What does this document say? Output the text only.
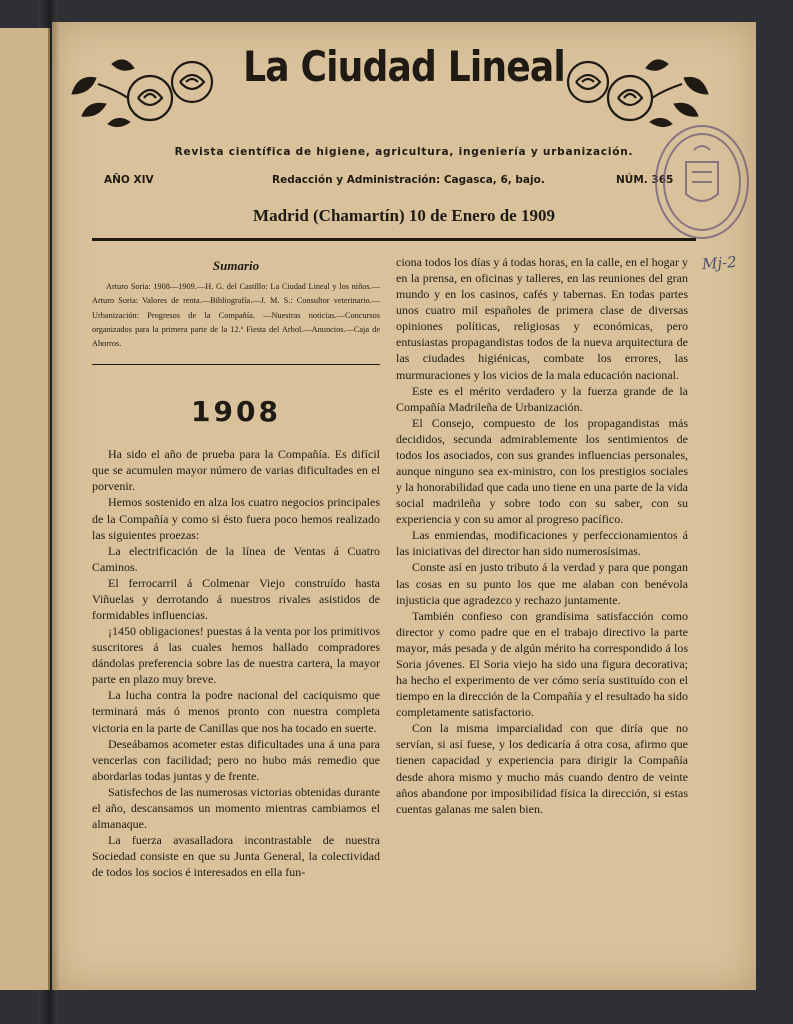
La Ciudad Lineal
Revista científica de higiene, agricultura, ingeniería y urbanización.
AÑO XIV	Redacción y Administración: Cagasca, 6, bajo.	NÚM. 365
Madrid (Chamartín) 10 de Enero de 1909
Mj-2
Sumario

Arturo Soria: 1908—1909.—H. G. del Castillo: La Ciudad Lineal y los niños.—Arturo Soria: Valores de renta.—Bibliografía.—J. M. S.: Consultor veterinario.—Urbanización: Progresos de la Compañía. —Nuestras noticias.—Concursos organizados para la primera parte de la 12.ª Fiesta del Arbol.—Anuncios.—Caja de Ahorros.

1908

Ha sido el año de prueba para la Compañía. Es difícil que se acumulen mayor número de varias dificultades en el porvenir.

Hemos sostenido en alza los cuatro negocios principales de la Compañía y como si ésto fuera poco hemos realizado las siguientes proezas:

La electrificación de la línea de Ventas á Cuatro Caminos.

El ferrocarril á Colmenar Viejo construído hasta Viñuelas y derrotando á nuestros rivales asistidos de formidables influencias.

¡1450 obligaciones! puestas á la venta por los primitivos suscritores á las cuales hemos hallado compradores dándolas preferencia sobre las de nuestra cartera, la mayor parte en plazo muy breve.

La lucha contra la podre nacional del caciquismo que terminará más ó menos pronto con nuestra completa victoria en la parte de Canillas que nos ha tocado en suerte.

Deseábamos acometer estas dificultades una á una para vencerlas con facilidad; pero no hubo más remedio que abordarlas todas juntas y de frente.

Satisfechos de las numerosas victorias obtenidas durante el año, descansamos un momento mientras cambiamos el almanaque.

La fuerza avasalladora incontrastable de nuestra Sociedad consiste en que su Junta General, la colectividad de todos los socios é interesados en ella fun-

ciona todos los días y á todas horas, en la calle, en el hogar y en la prensa, en oficinas y talleres, en las reuniones del gran mundo y en los casinos, cafés y tabernas. En todas partes unos cuatro mil españoles de primera clase de diversas opiniones políticas, religiosas y económicas, pero entusiastas propagandistas todos de la nueva arquitectura de las ciudades higiénicas, combate los errores, las murmuraciones y los vicios de la mala educación nacional.

Este es el mérito verdadero y la fuerza grande de la Compañía Madrileña de Urbanización.

El Consejo, compuesto de los propagandistas más decididos, secunda admirablemente los sentimientos de todos los asociados, con sus grandes influencias personales, aunque ninguno sea ex-ministro, con los prestigios sociales y la honorabilidad que cada uno tiene en una parte de la vida social madrileña y sobre todo con su saber, con su experiencia y con su amor al progreso pacífico.

Las enmiendas, modificaciones y perfeccionamientos á las iniciativas del director han sido numerosísimas.

Conste así en justo tributo á la verdad y para que pongan las cosas en su punto los que me alaban con benévola injusticia que agradezco y rechazo juntamente.

También confieso con grandísima satisfacción como director y como padre que en el trabajo directivo la parte mayor, más pesada y de algún mérito ha correspondido á los Soria jóvenes. El Soria viejo ha sido una figura decorativa; ha hecho el experimento de ver cómo sería sustituído con el tiempo en la dirección de la Compañía y el resultado ha sido completamente satisfactorio.

Con la misma imparcialidad con que diría que no servían, si así fuese, y los dedicaría á otra cosa, afirmo que tienen capacidad y experiencia para dirigir la Compañía desde ahora mismo y mucho más cuando dentro de veinte años abandone por imposibilidad física la dirección, si estas cuentas galanas me salen bien.
